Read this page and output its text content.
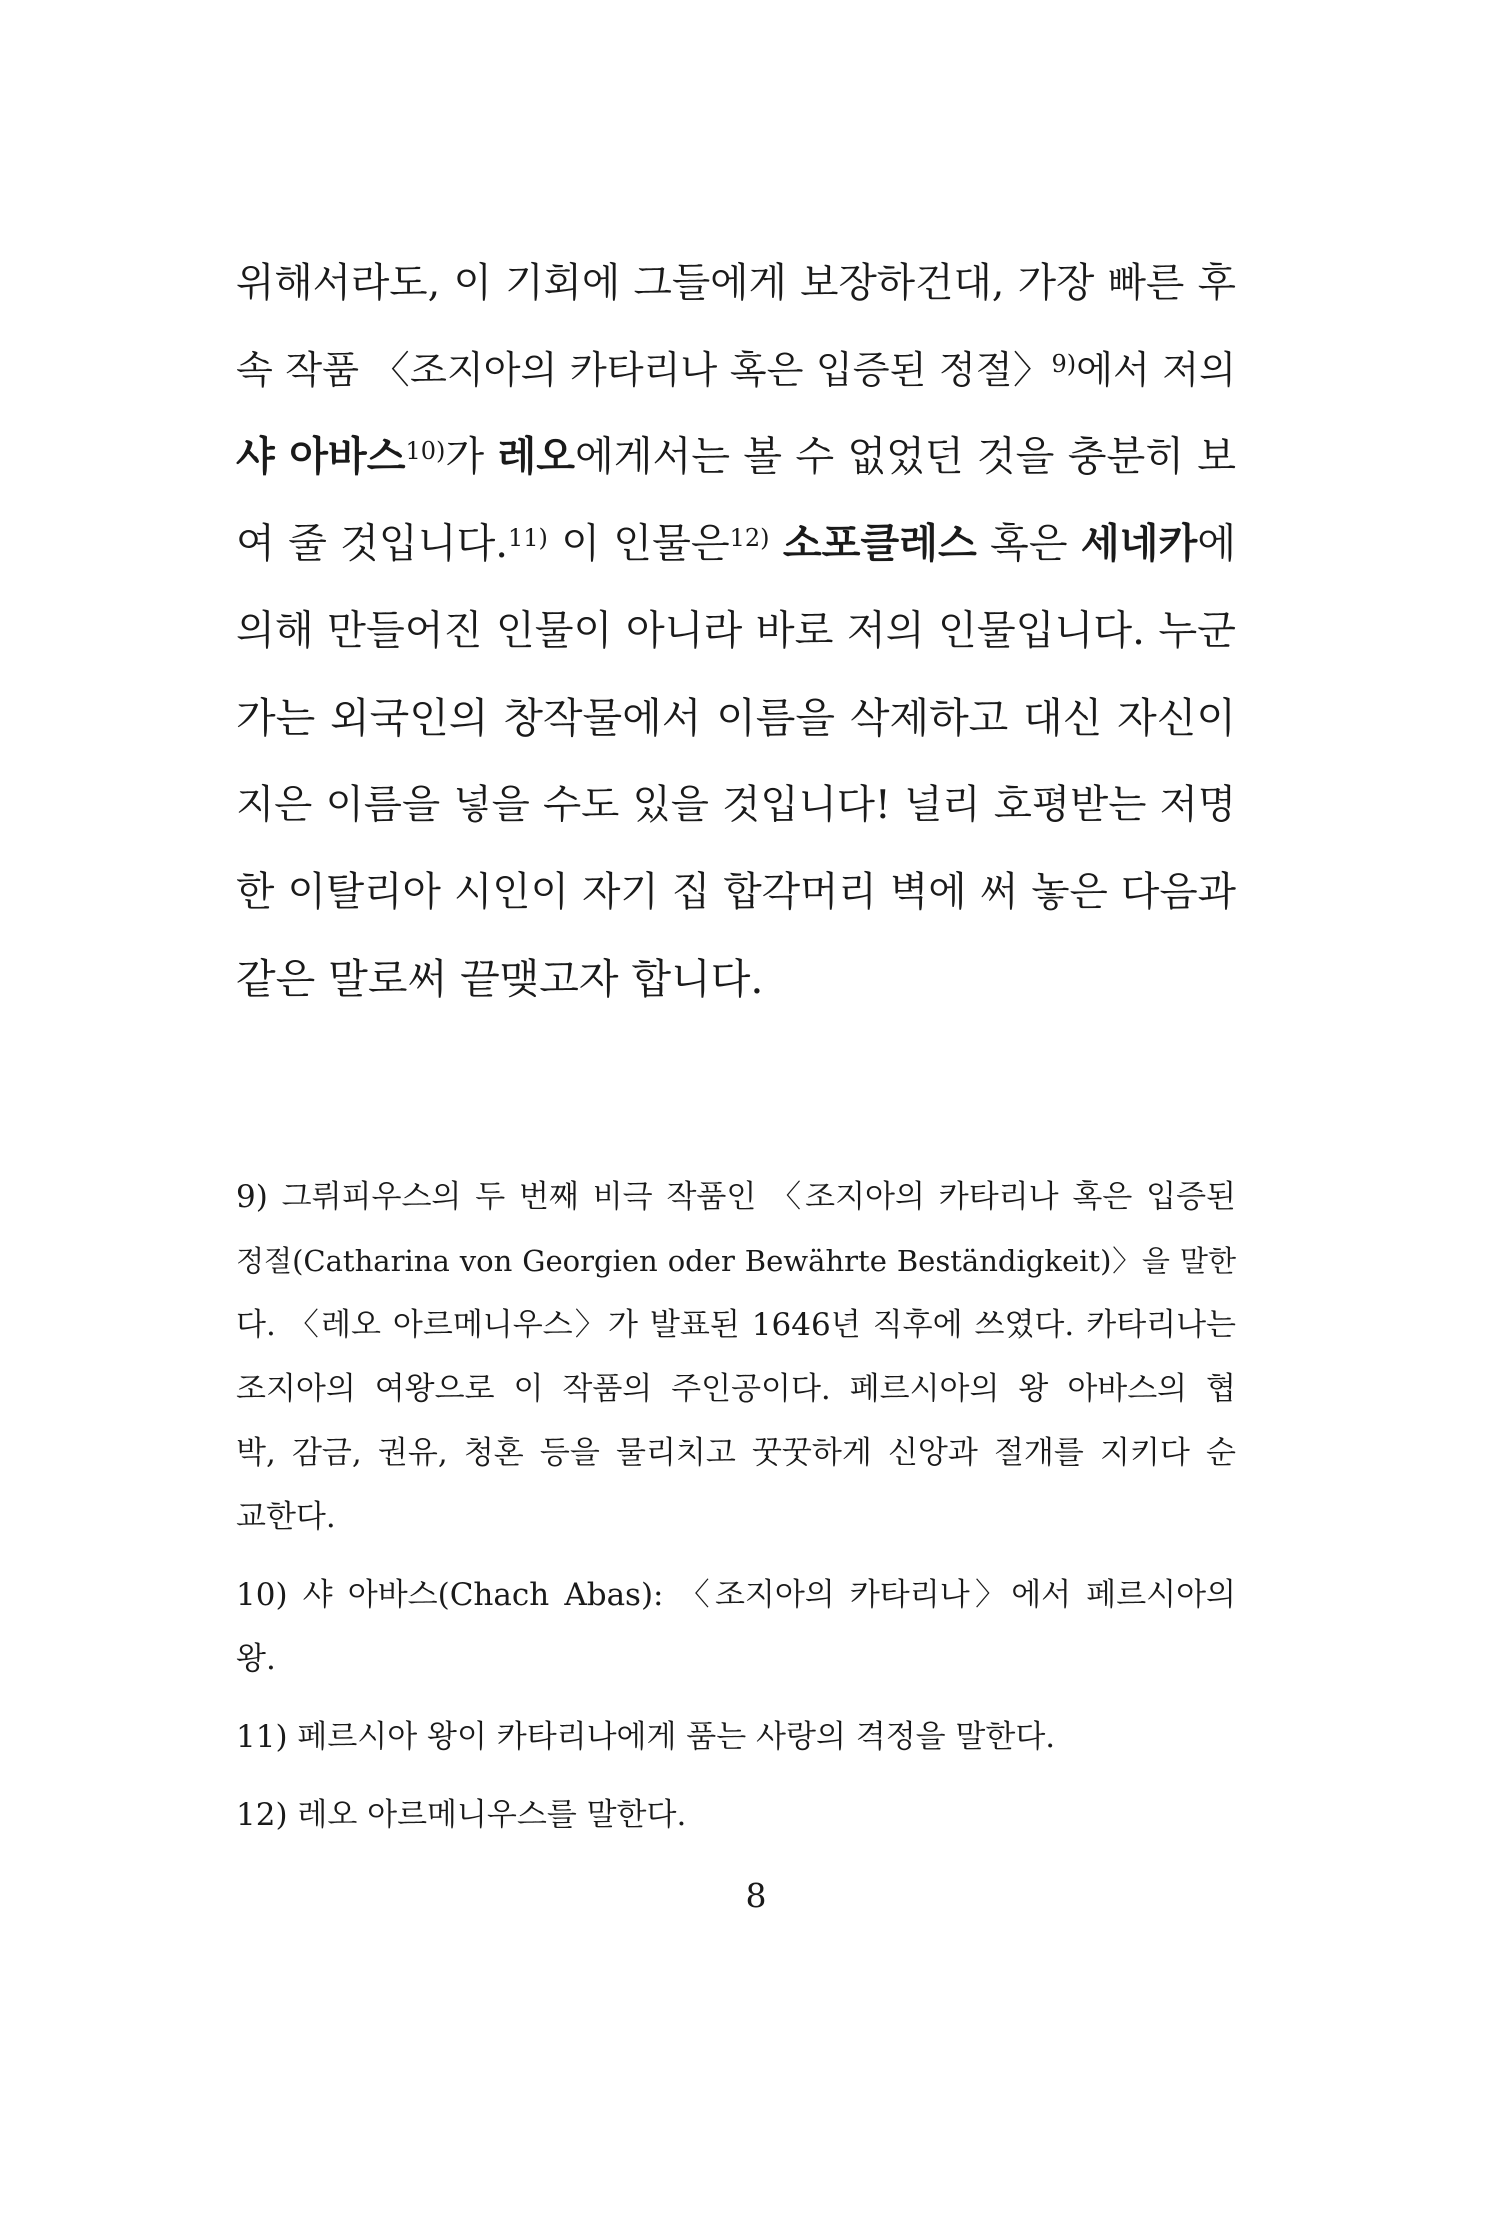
위해서라도, 이 기회에 그들에게 보장하건대, 가장 빠른 후
속 작품 〈조지아의 카타리나 혹은 입증된 정절〉$^{9)}$에서 저의
샤 아바스$^{10)}$가 레오에게서는 볼 수 없었던 것을 충분히 보
여 줄 것입니다.$^{11)}$ 이 인물은$^{12)}$ 소포클레스 혹은 세네카에
의해 만들어진 인물이 아니라 바로 저의 인물입니다. 누군
가는 외국인의 창작물에서 이름을 삭제하고 대신 자신이
지은 이름을 넣을 수도 있을 것입니다! 널리 호평받는 저명
한 이탈리아 시인이 자기 집 합각머리 벽에 써 놓은 다음과
같은 말로써 끝맺고자 합니다.
9) 그뤼피우스의 두 번째 비극 작품인 〈조지아의 카타리나 혹은 입증된
정절(Catharina von Georgien oder Bewährte Beständigkeit)〉을 말한
다. 〈레오 아르메니우스〉가 발표된 1646년 직후에 쓰였다. 카타리나는
조지아의 여왕으로 이 작품의 주인공이다. 페르시아의 왕 아바스의 협
박, 감금, 권유, 청혼 등을 물리치고 꿋꿋하게 신앙과 절개를 지키다 순
교한다.
10) 샤 아바스(Chach Abas): 〈조지아의 카타리나〉에서 페르시아의
왕.
11) 페르시아 왕이 카타리나에게 품는 사랑의 격정을 말한다.
12) 레오 아르메니우스를 말한다.
8
